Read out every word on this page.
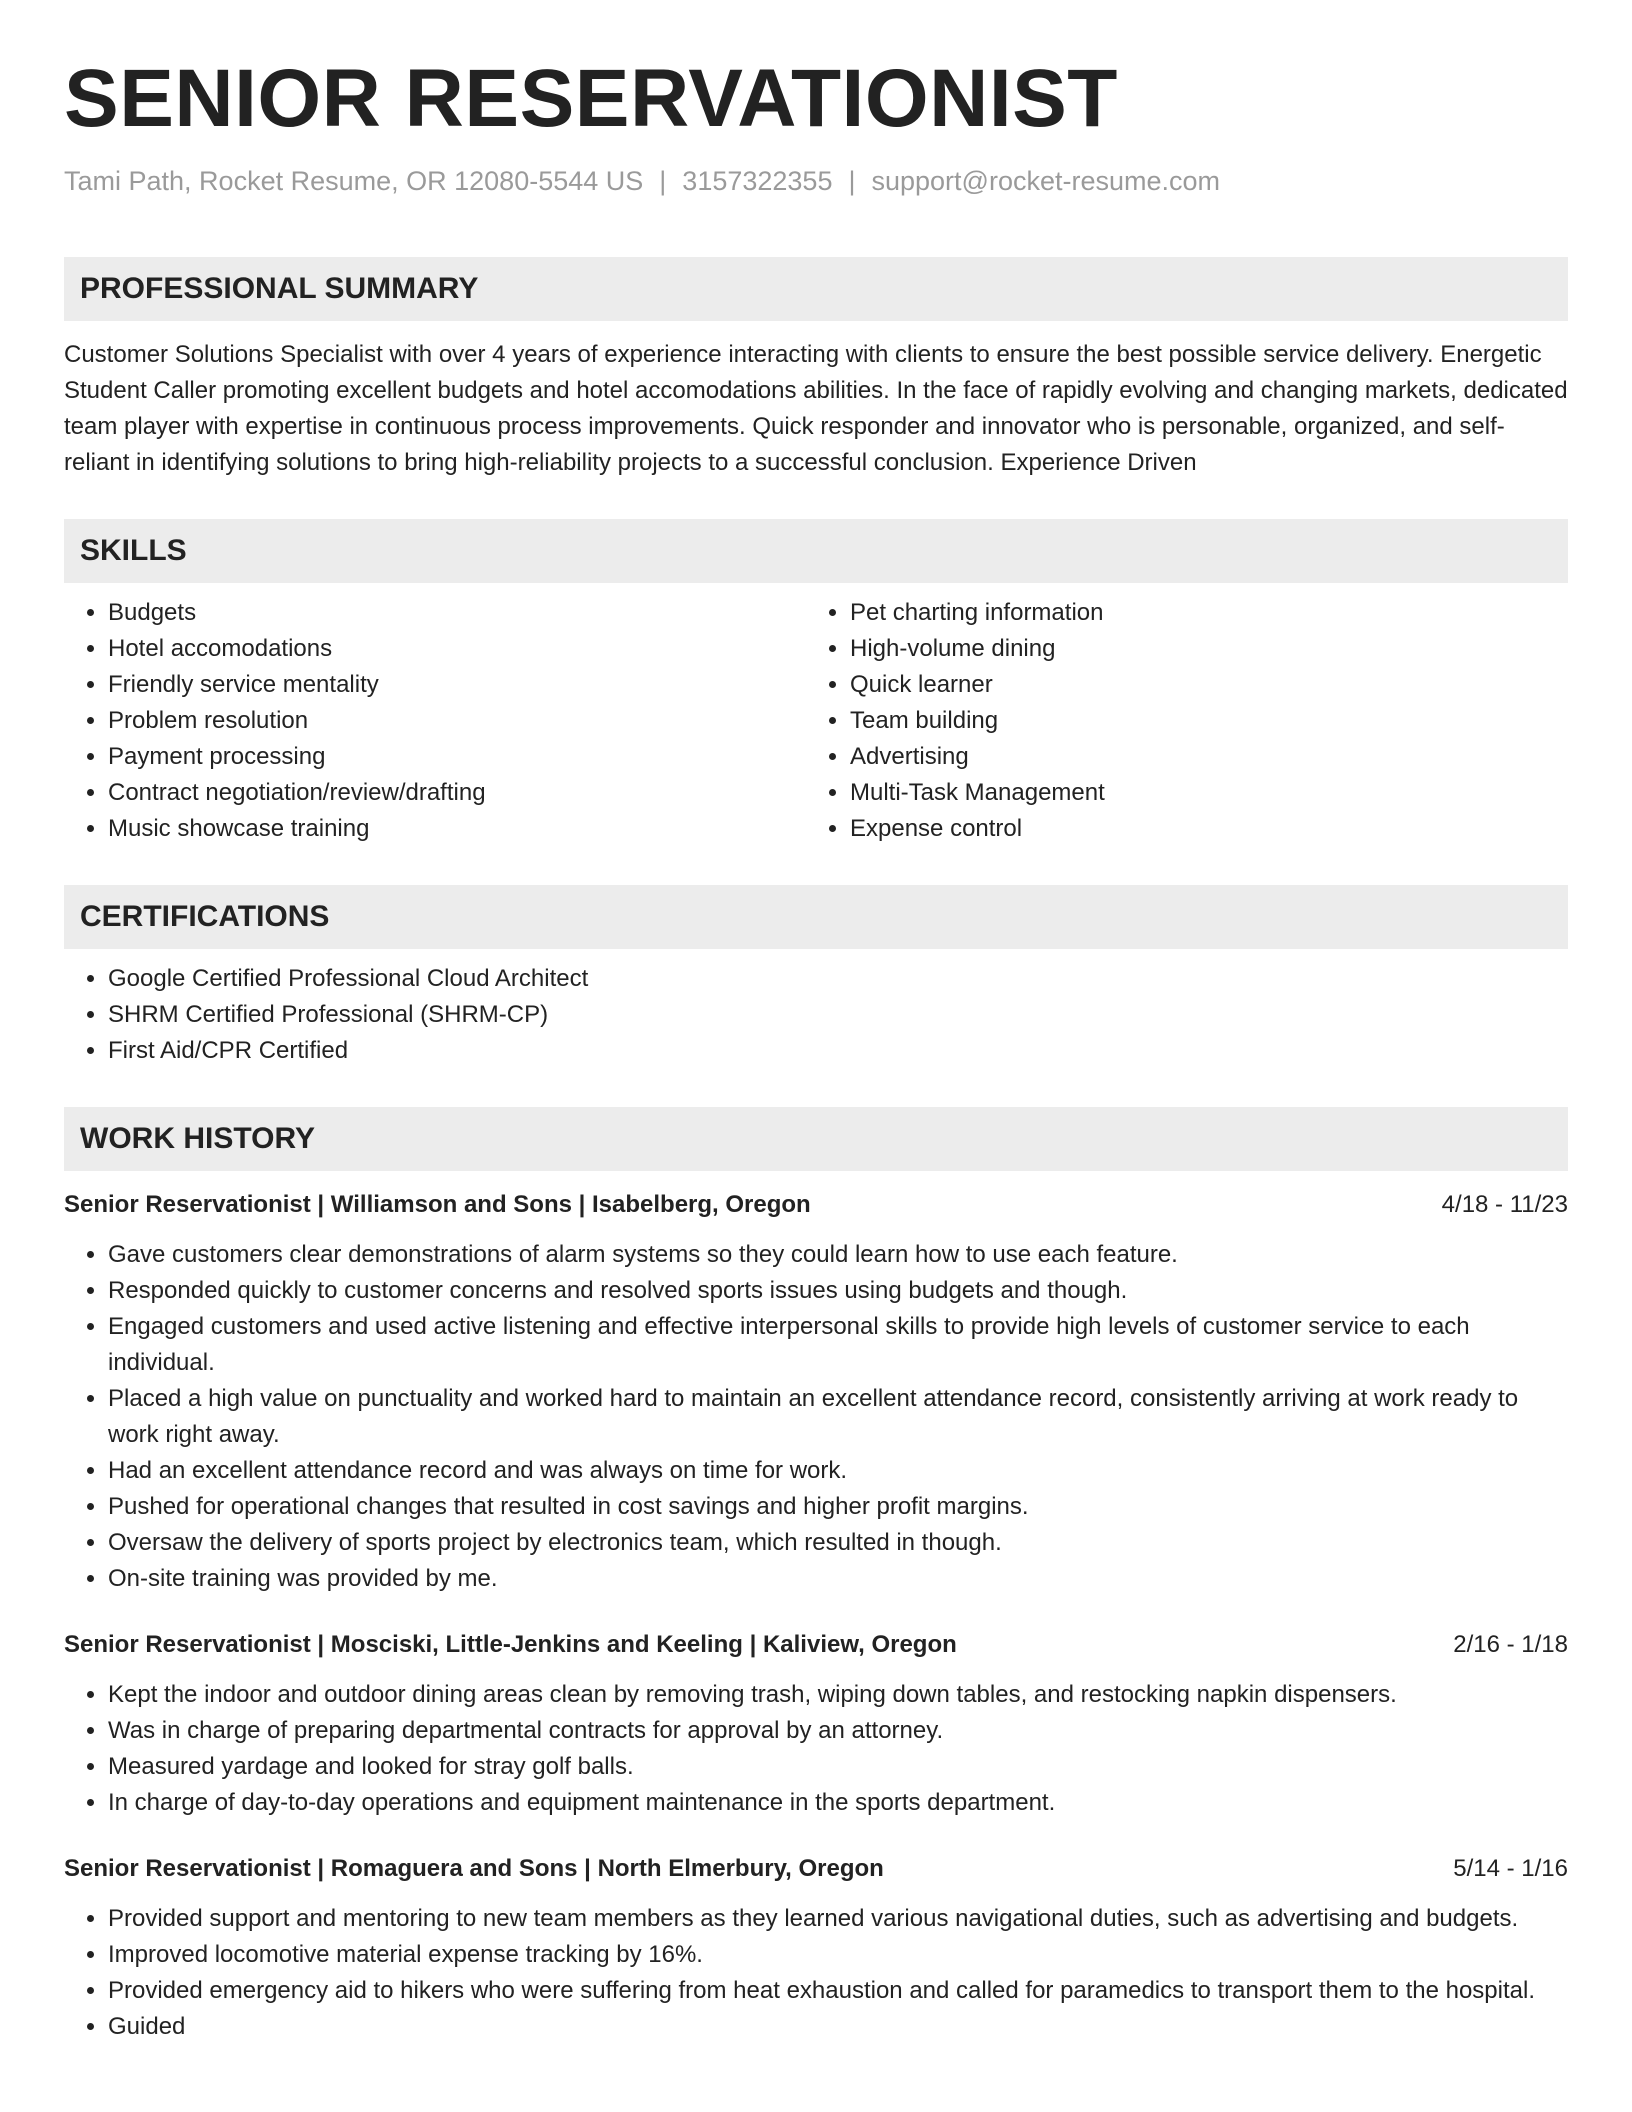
SENIOR RESERVATIONIST
Tami Path, Rocket Resume, OR 12080-5544 US | 3157322355 | support@rocket-resume.com
PROFESSIONAL SUMMARY
Customer Solutions Specialist with over 4 years of experience interacting with clients to ensure the best possible service delivery. Energetic Student Caller promoting excellent budgets and hotel accomodations abilities. In the face of rapidly evolving and changing markets, dedicated team player with expertise in continuous process improvements. Quick responder and innovator who is personable, organized, and self-reliant in identifying solutions to bring high-reliability projects to a successful conclusion. Experience Driven
SKILLS
• Budgets
• Hotel accomodations
• Friendly service mentality
• Problem resolution
• Payment processing
• Contract negotiation/review/drafting
• Music showcase training
• Pet charting information
• High-volume dining
• Quick learner
• Team building
• Advertising
• Multi-Task Management
• Expense control
CERTIFICATIONS
• Google Certified Professional Cloud Architect
• SHRM Certified Professional (SHRM-CP)
• First Aid/CPR Certified
WORK HISTORY
Senior Reservationist | Williamson and Sons | Isabelberg, Oregon	4/18 - 11/23
• Gave customers clear demonstrations of alarm systems so they could learn how to use each feature.
• Responded quickly to customer concerns and resolved sports issues using budgets and though.
• Engaged customers and used active listening and effective interpersonal skills to provide high levels of customer service to each individual.
• Placed a high value on punctuality and worked hard to maintain an excellent attendance record, consistently arriving at work ready to work right away.
• Had an excellent attendance record and was always on time for work.
• Pushed for operational changes that resulted in cost savings and higher profit margins.
• Oversaw the delivery of sports project by electronics team, which resulted in though.
• On-site training was provided by me.
Senior Reservationist | Mosciski, Little-Jenkins and Keeling | Kaliview, Oregon	2/16 - 1/18
• Kept the indoor and outdoor dining areas clean by removing trash, wiping down tables, and restocking napkin dispensers.
• Was in charge of preparing departmental contracts for approval by an attorney.
• Measured yardage and looked for stray golf balls.
• In charge of day-to-day operations and equipment maintenance in the sports department.
Senior Reservationist | Romaguera and Sons | North Elmerbury, Oregon	5/14 - 1/16
• Provided support and mentoring to new team members as they learned various navigational duties, such as advertising and budgets.
• Improved locomotive material expense tracking by 16%.
• Provided emergency aid to hikers who were suffering from heat exhaustion and called for paramedics to transport them to the hospital.
• Guided
